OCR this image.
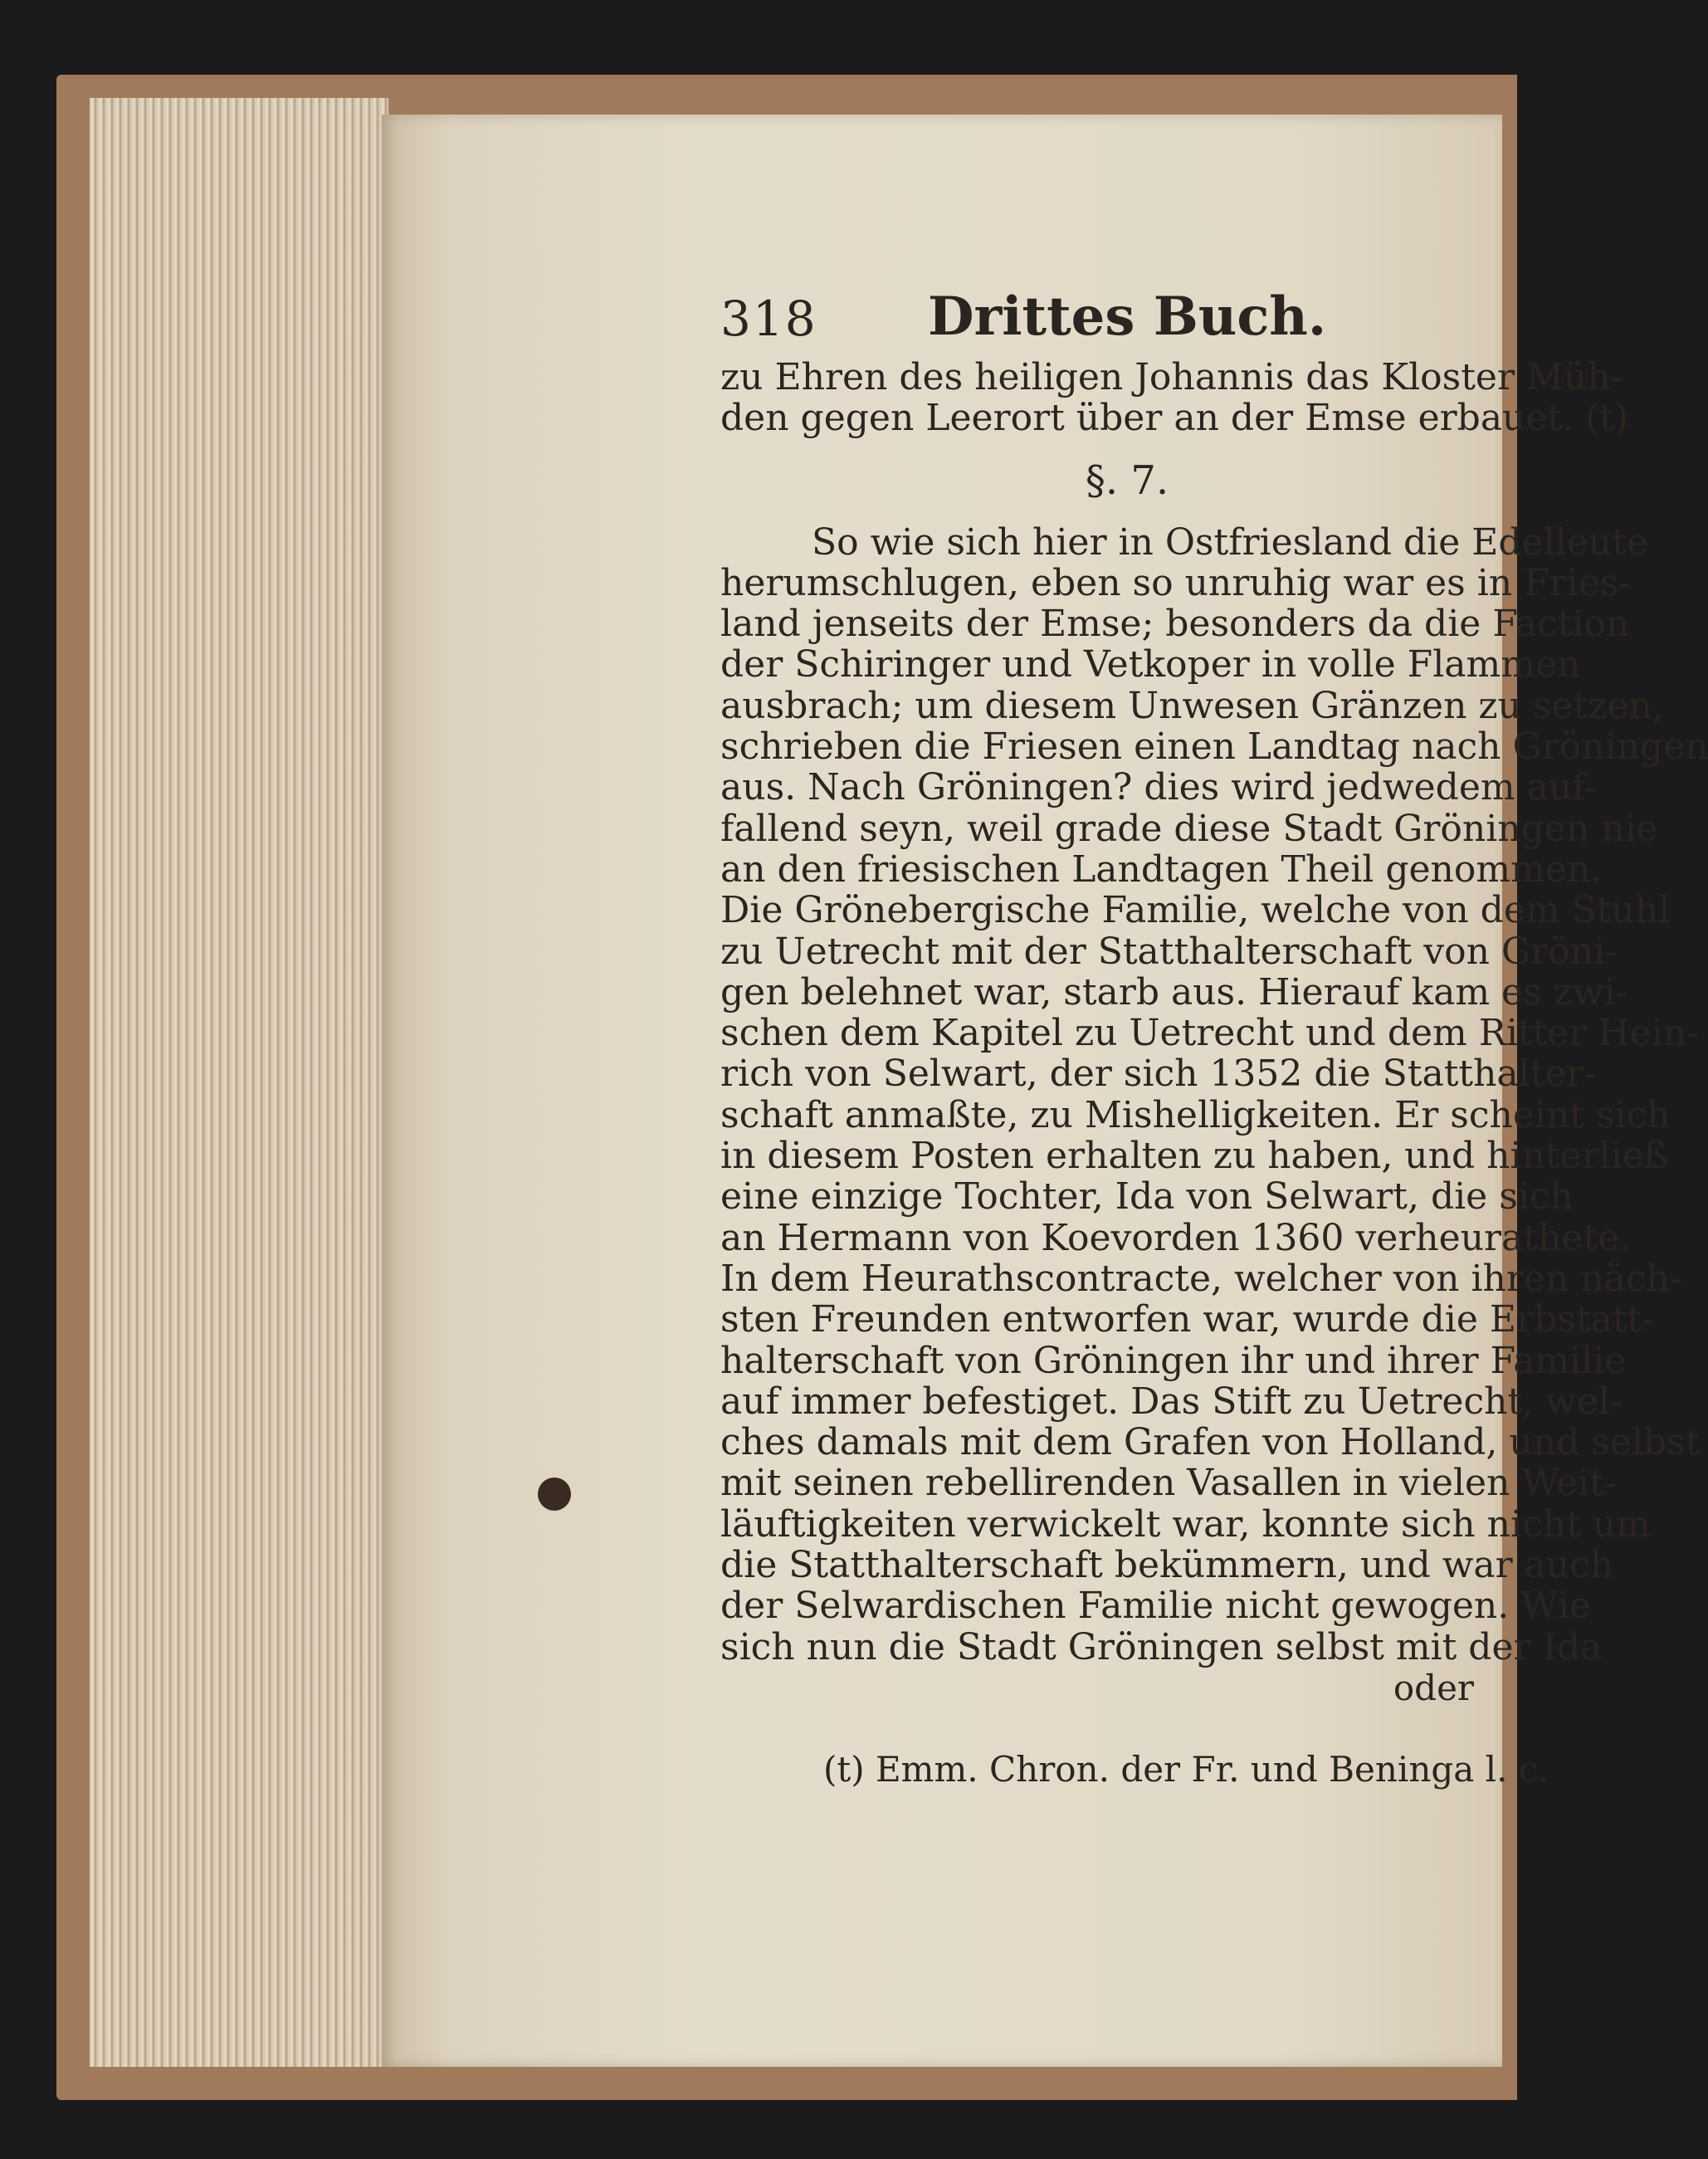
318 Drittes Buch.
zu Ehren des heiligen Johannis das Kloster Müh-
den gegen Leerort über an der Emse erbauet. (t)
§. 7.
So wie sich hier in Ostfriesland die Edelleute
herumschlugen, eben so unruhig war es in Fries-
land jenseits der Emse; besonders da die Faction
der Schiringer und Vetkoper in volle Flammen
ausbrach; um diesem Unwesen Gränzen zu setzen,
schrieben die Friesen einen Landtag nach Gröningen
aus. Nach Gröningen? dies wird jedwedem auf-
fallend seyn, weil grade diese Stadt Gröningen nie
an den friesischen Landtagen Theil genommen.
Die Grönebergische Familie, welche von dem Stuhl
zu Uetrecht mit der Statthalterschaft von Gröni-
gen belehnet war, starb aus. Hierauf kam es zwi-
schen dem Kapitel zu Uetrecht und dem Ritter Hein-
rich von Selwart, der sich 1352 die Statthalter-
schaft anmaßte, zu Mishelligkeiten. Er scheint sich
in diesem Posten erhalten zu haben, und hinterließ
eine einzige Tochter, Ida von Selwart, die sich
an Hermann von Koevorden 1360 verheurathete.
In dem Heurathscontracte, welcher von ihren näch-
sten Freunden entworfen war, wurde die Erbstatt-
halterschaft von Gröningen ihr und ihrer Familie
auf immer befestiget. Das Stift zu Uetrecht, wel-
ches damals mit dem Grafen von Holland, und selbst
mit seinen rebellirenden Vasallen in vielen Weit-
läuftigkeiten verwickelt war, konnte sich nicht um
die Statthalterschaft bekümmern, und war auch
der Selwardischen Familie nicht gewogen. Wie
sich nun die Stadt Gröningen selbst mit der Ida
oder
(t) Emm. Chron. der Fr. und Beninga l. c.
